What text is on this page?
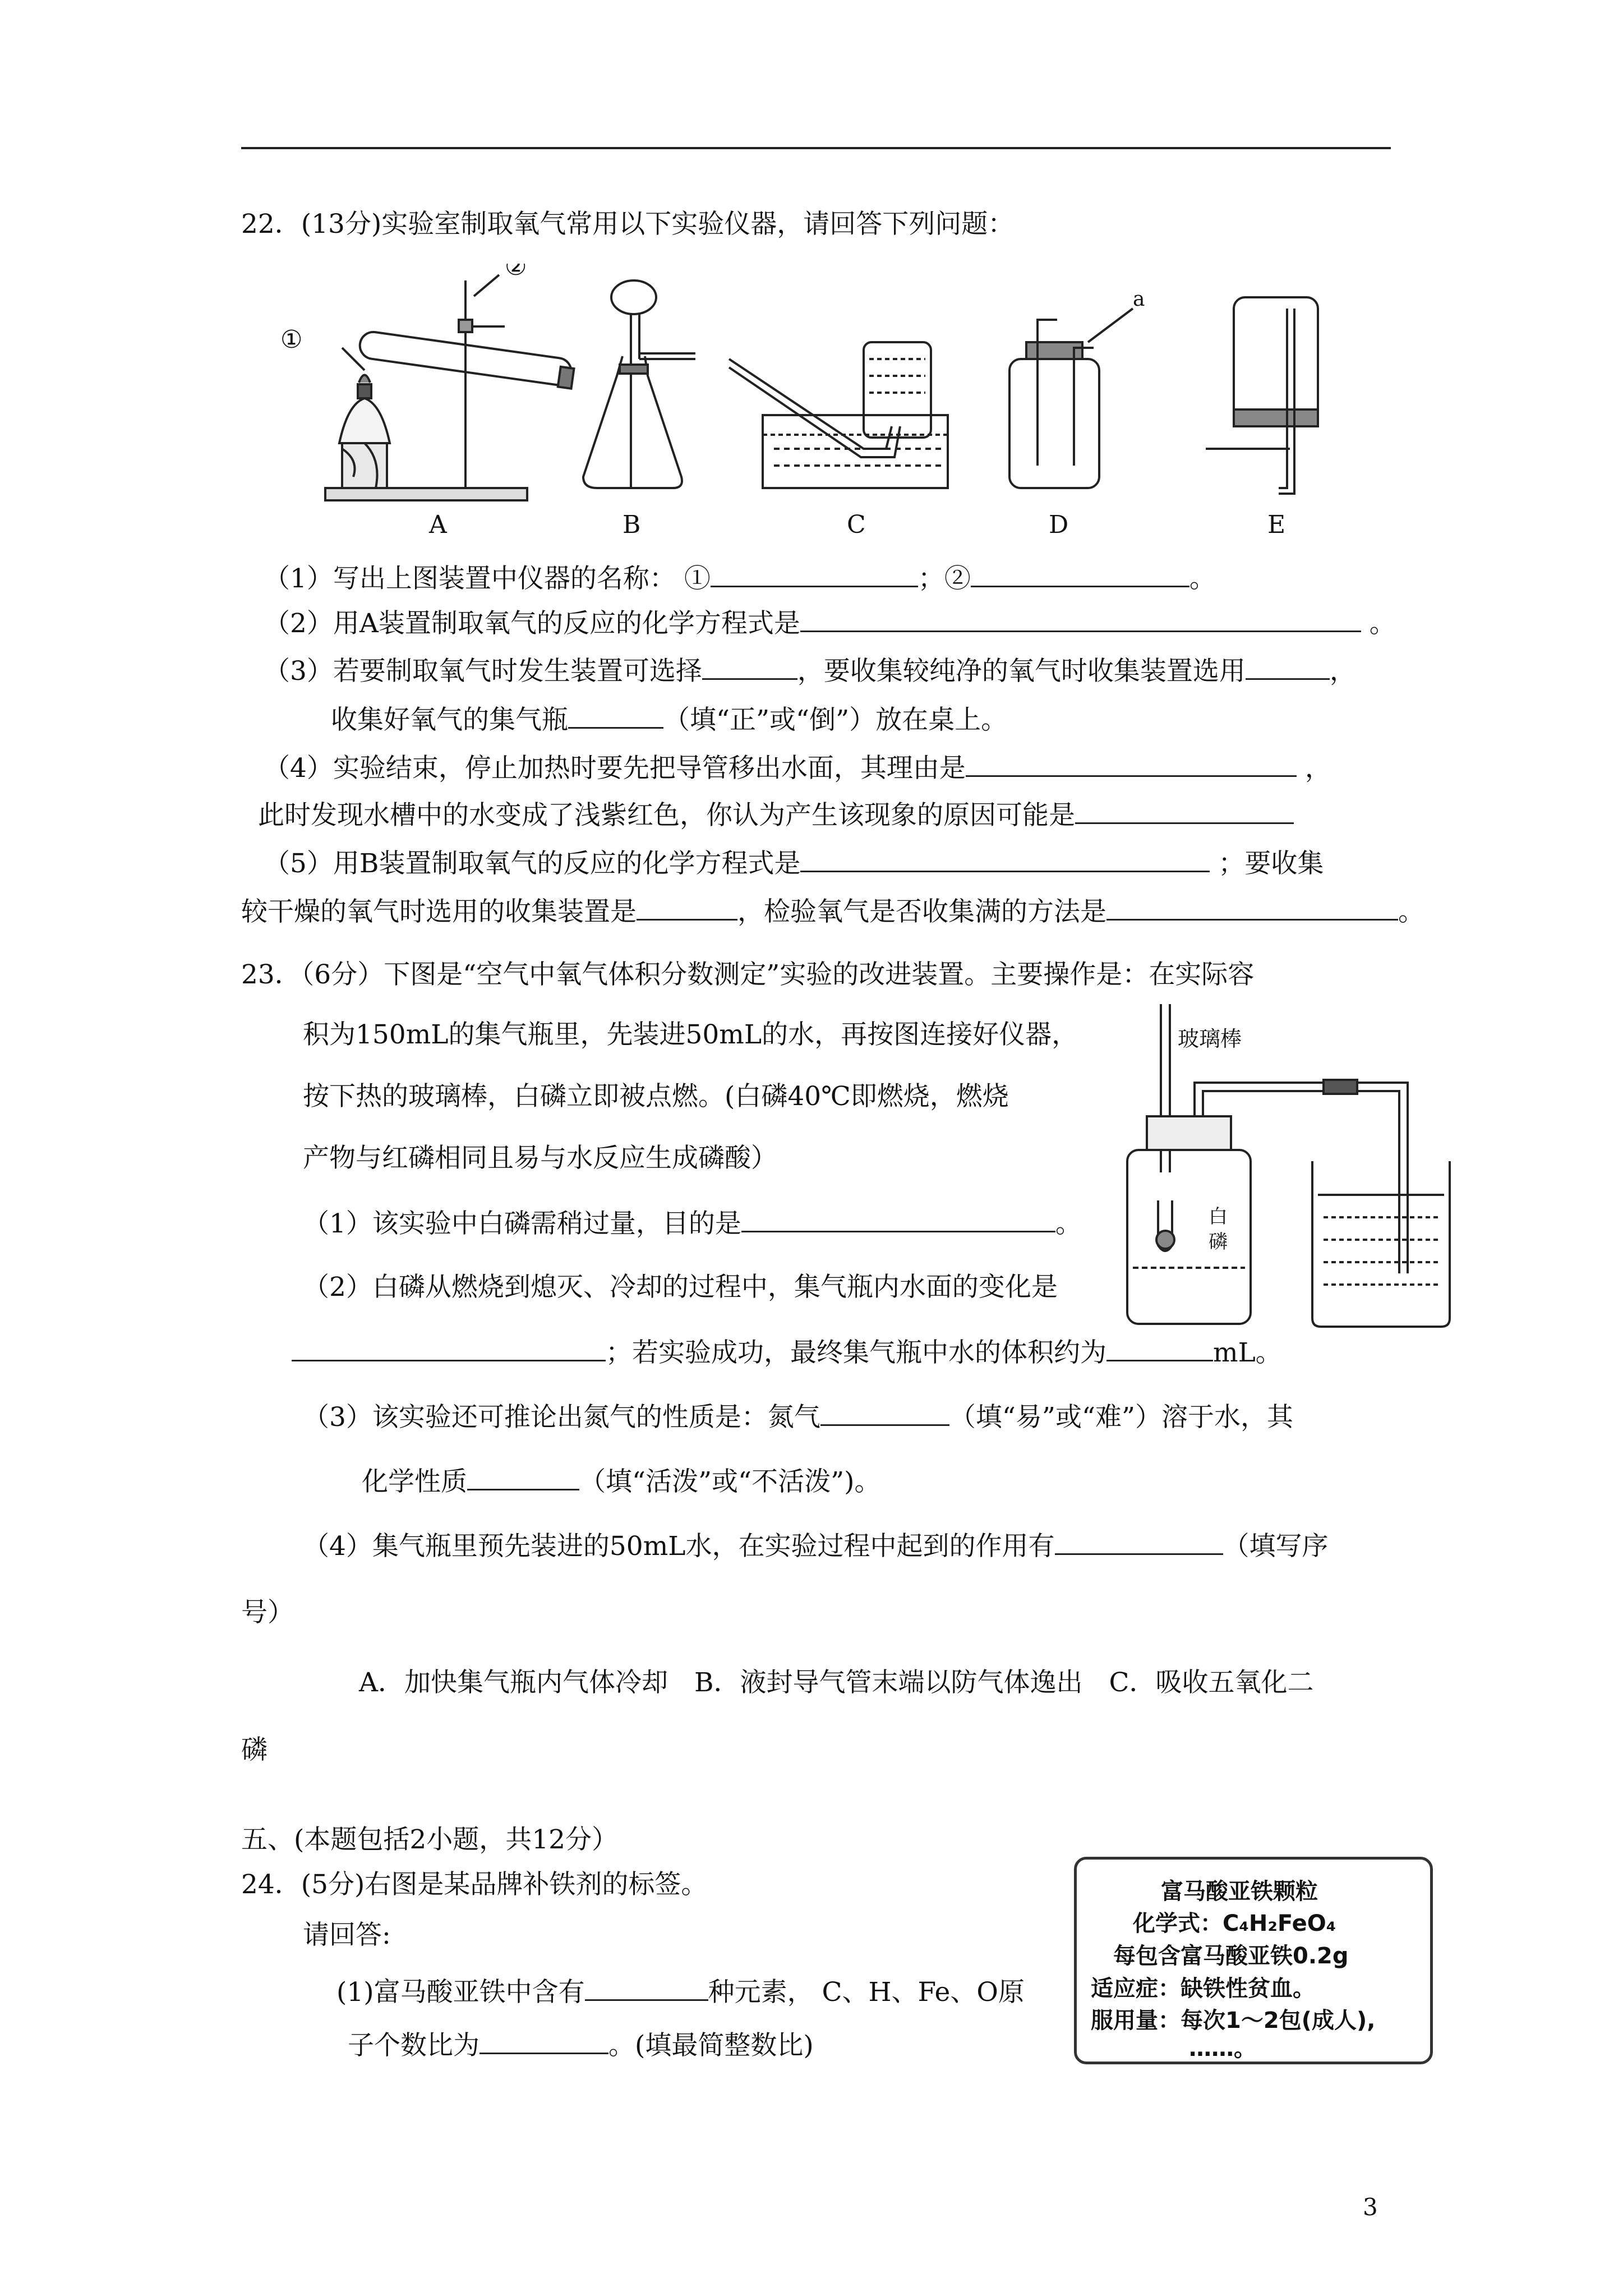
22．(13分)实验室制取氧气常用以下实验仪器，请回答下列问题：
②
①
a
A	B	C	D	E
（1）写出上图装置中仪器的名称： ①	；②	。
（2）用A装置制取氧气的反应的化学方程式是	。
（3）若要制取氧气时发生装置可选择	，要收集较纯净的氧气时收集装置选用	，
收集好氧气的集气瓶	（填“正”或“倒”）放在桌上。
（4）实验结束，停止加热时要先把导管移出水面，其理由是	，
此时发现水槽中的水变成了浅紫红色，你认为产生该现象的原因可能是
（5）用B装置制取氧气的反应的化学方程式是	；要收集
较干燥的氧气时选用的收集装置是	，检验氧气是否收集满的方法是	。
23．（6分）下图是“空气中氧气体积分数测定”实验的改进装置。主要操作是：在实际容
积为150mL的集气瓶里，先装进50mL的水，再按图连接好仪器，
按下热的玻璃棒，白磷立即被点燃。(白磷40℃即燃烧，燃烧
产物与红磷相同且易与水反应生成磷酸）
玻璃棒
白
磷
（1）该实验中白磷需稍过量，目的是	。
（2）白磷从燃烧到熄灭、冷却的过程中，集气瓶内水面的变化是
；若实验成功，最终集气瓶中水的体积约为	mL。
（3）该实验还可推论出氮气的性质是：氮气	（填“易”或“难”）溶于水，其
化学性质	（填“活泼”或“不活泼”)。
（4）集气瓶里预先装进的50mL水，在实验过程中起到的作用有	（填写序
号）
A．加快集气瓶内气体冷却　B．液封导气管末端以防气体逸出　C．吸收五氧化二
磷
五、(本题包括2小题，共12分）
24．(5分)右图是某品牌补铁剂的标签。
请回答:
(1)富马酸亚铁中含有	种元素， C、H、Fe、O原
子个数比为	。(填最简整数比)
富马酸亚铁颗粒
化学式：C₄H₂FeO₄
每包含富马酸亚铁0.2g
适应症：缺铁性贫血。
服用量：每次1～2包(成人),
……。
3
